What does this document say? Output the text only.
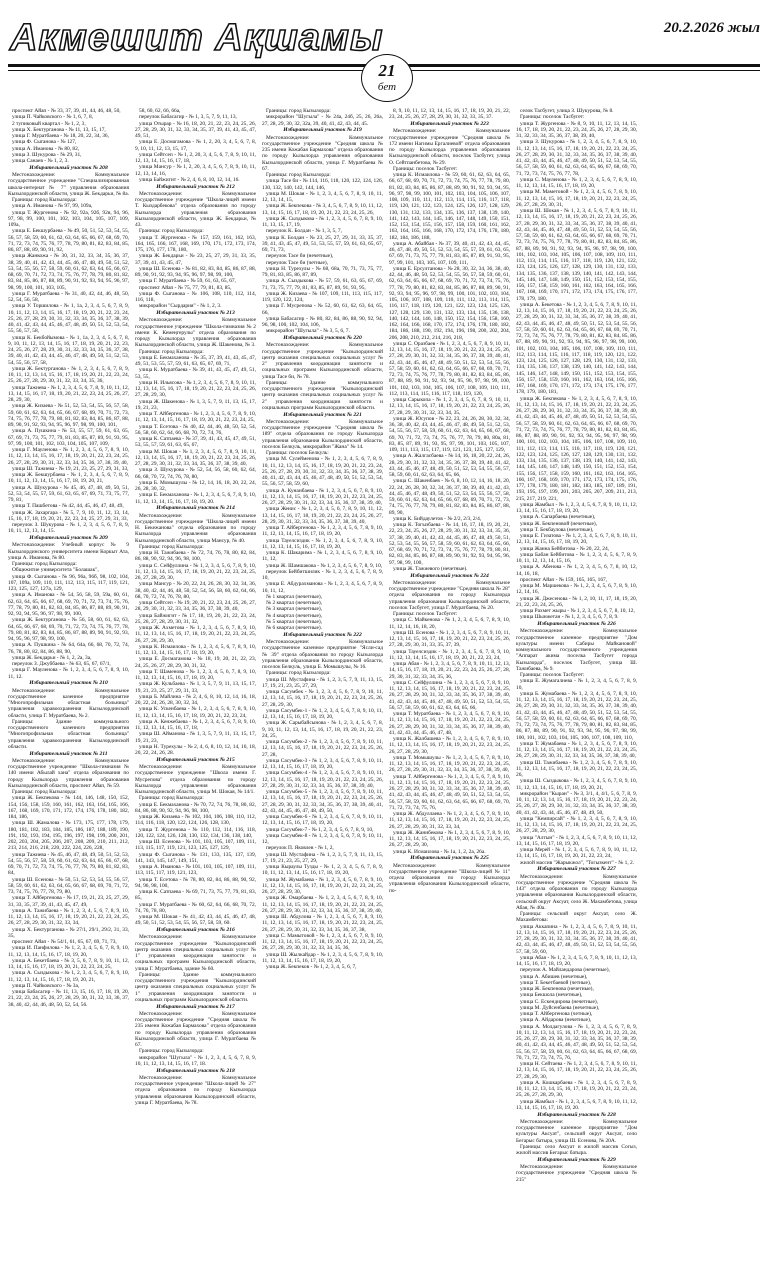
Акмешит Ақшамы	20.2.2026 жыл
21
бет

проспект Айап - № 33, 37, 39, 41, 44, 46, 48, 50,

улица П. Чайковского - № 1, 6, 7, 8,

2 тупиковый квартал - № 1, 2, 3,

улица Х. Бектурганова - № 11, 13, 15, 17,

улица Г. Муратбаева - № 18, 20, 22, 34, 36,

улица Ф. Сыганова - № 127,

улица А. Иманова - № 80, 82,

улица З. Шукурова - № 29, 31,

улица Санаев - № 1, 2, 3.

Избирательный участок № 208

Местонахождение: Коммунальное государственное учреждение "Специализированная школа-интернат № 7" управления образования Кызылординской области, улица Ж. Бекдарьи, № 8а.

Границы: город Кызылорда:

улица А. Иманова - № 97, 99, 109а,

улица Т. Жургенова - № 92, 92а, 92б, 92в, 94, 96, 97, 98, 99, 100, 101, 102, 103, 104, 105, 107, 109, 109а,

улица Е. Бекшурбаева - № 49, 50, 51, 52, 53, 54, 55, 56, 57, 58, 59, 60, 61, 62, 63, 64, 65, 66, 67, 68, 69, 70, 71, 72, 73, 74, 75, 76, 77, 78, 79, 80, 81, 82, 83, 84, 85, 86, 87, 88, 89, 90, 91, 92,

улица Жанкожа - № 30, 31, 32, 33, 34, 35, 36, 37, 38, 39, 40, 41, 42, 43, 44, 45, 46, 47, 48, 49, 50, 51, 52, 53, 54, 55, 56, 57, 58, 59, 60, 61, 62, 63, 64, 65, 66, 67, 68, 69, 70, 71, 72, 73, 74, 75, 76, 77, 78, 79, 80, 81, 82, 83, 84, 85, 86, 87, 88, 89, 90, 91, 92, 93, 94, 95, 96, 97, 98, 99, 100, 101, 103, 105,

улица Г. Муратбаева - № 31, 40, 42, 44, 46, 48, 50, 52, 54, 56, 58,

улица У. Торшилова - № 1, 1а, 2, 3, 4, 5, 6, 7, 8, 9, 10, 11, 12, 13, 14, 15, 16, 17, 18, 19, 20, 21, 22, 23, 24, 25, 26, 27, 28, 29, 30, 31, 32, 33, 34, 35, 36, 37, 38, 39, 40, 41, 42, 43, 44, 45, 46, 47, 48, 49, 50, 51, 52, 53, 54, 55, 56, 57, 58,

улица К. Бекбойымова - № 1, 1а, 2, 3, 4, 5, 6, 7, 8, 9, 10, 11, 12, 13, 14, 15, 16, 17, 18, 19, 20, 21, 22, 23, 24, 25, 26, 27, 28, 29, 30, 31, 32, 33, 34, 35, 36, 37, 38, 39, 40, 41, 42, 43, 44, 45, 46, 47, 48, 49, 50, 51, 52, 53, 54, 55, 56, 57, 58,

улица Ж. Бектурганова - № 1, 2, 3, 4, 5, 6, 7, 8, 9, 10, 11, 12, 13, 14, 15, 16, 17, 18, 19, 20, 21, 22, 23, 24, 25, 26, 27, 28, 29, 30, 31, 32, 33, 34, 35, 36,

улица Тажиева - № 1, 2, 3, 4, 5, 6, 7, 8, 9, 10, 11, 12, 13, 14, 15, 16, 17, 18, 19, 20, 21, 22, 23, 24, 25, 26, 27, 28, 29, 30,

улица Ж. Кизаева - № 51, 52, 53, 54, 55, 56, 57, 58, 59, 60, 61, 62, 63, 64, 65, 66, 67, 68, 69, 70, 71, 72, 73, 74, 75, 76, 77, 78, 79, 80, 81, 82, 83, 84, 85, 86, 87, 88, 89, 90, 91, 92, 93, 94, 95, 96, 97, 98, 99, 100, 101,

улица А. Пушкина - № 53, 55, 57, 59, 61, 63, 65, 67, 69, 71, 73, 75, 77, 79, 81, 83, 85, 87, 89, 91, 93, 95, 97, 99, 100, 101, 102, 103, 104, 105, 107, 109,

улица Г. Мауленова - № 1, 2, 3, 4, 5, 6, 7, 8, 9, 10, 11, 12, 13, 14, 15, 16, 17, 18, 19, 20, 21, 22, 23, 24, 25, 26, 27, 28, 29, 30, 31, 32, 33, 34, 35, 36, 37, 38, 39, 40,

улица Ш. Тажиева - № 19, 21, 23, 25, 27, 29, 31, 33,

улица Ж. Бекшурбаева - № 1, 2, 3, 4, 5, 6, 7, 8, 9, 10, 11, 12, 13, 14, 15, 16, 17, 18, 19, 20, 21,

улица А. Шукурова - № 45, 46, 47, 48, 49, 50, 51, 52, 53, 54, 55, 57, 59, 61, 63, 65, 67, 69, 71, 73, 75, 77, 79, 81,

улица Т. Пашбетова - № 42, 44, 45, 46, 47, 48, 49,

улица Ж. Захаргара - № 5, 7, 9, 10, 11, 12, 13, 14, 15, 16, 17, 18, 19, 20, 21, 22, 23, 24, 25, 27, 29, 31, 33,

переулок З. Шукурова - № 1, 2, 3, 4, 5, 6, 7, 8, 9, 10, 11, 12, 13, 14, 15.

Избирательный участок № 209

Местонахождение: Учебный корпус № 9 Кызылординского университета имени Коркыт Ата, улица А. Иманова, № 80.

Границы: город Кызылорда:

Общежитие университета "Болашак",

улица Ф. Сыганова - № 96, 96а, 96б, 98, 102, 104, 107, 109а, 109, 110, 111, 112, 113, 115, 117, 119, 121, 123, 125, 127, 127а, 129,

улица А. Иманова - № 54, 56, 58, 59, 59а, 60, 61, 62, 63, 64, 65, 66, 67, 68, 69, 70, 71, 72, 73, 74, 75, 76, 77, 78, 79, 80, 81, 82, 83, 84, 85, 86, 87, 88, 89, 90, 91, 92, 93, 94, 95, 96, 97, 98, 99, 100,

улица Ж. Бектурганова - № 56, 58, 60, 61, 62, 63, 64, 65, 66, 67, 68, 69, 70, 71, 72, 73, 74, 75, 76, 77, 78, 79, 80, 81, 82, 83, 84, 85, 86, 87, 88, 89, 90, 91, 92, 93, 94, 95, 96, 97, 98, 99, 100,

улица А. Пушкина - № 64, 64а, 66, 68, 70, 72, 74, 76, 78, 80, 82, 84, 86, 88, 90,

улица Ж. Бекдарьи - № 1, 2, 2а, 3а,

переулок З. Джуббаева - № 63, 65, 67, 67/1,

улица Г. Мауленова - № 1, 2, 3, 4, 5, 6, 7, 8, 9, 10, 11, 12.

Избирательный участок № 210

Местонахождение: Коммунальное государственное казенное предприятие "Многопрофильная областная больница" управления здравоохранения Кызылординской области, улица Г. Муратбаева, № 2.

Границы: Здание коммунального государственного казенного предприятия "Многопрофильная областная больница" управления здравоохранения Кызылординской области.

Избирательный участок № 211

Местонахождение: Коммунальное государственное учреждение "Школа-гимназия № 140 имени Абылай хана" отдела образования по городу Кызылорда управления образования Кызылординской области, проспект Айап, № 59.

Границы: город Кызылорда:

улица Ж. Бекпекова - № 144, 146, 148, 150, 152, 154, 156, 158, 159, 160, 161, 162, 163, 164, 165, 166, 167, 168, 169, 170, 171, 172, 174, 176, 178, 180, 182, 184, 186,

улица Ш. Жамалова - № 173, 175, 177, 178, 179, 180, 181, 182, 183, 184, 185, 186, 187, 188, 189, 190, 191, 192, 193, 194, 195, 196, 197, 198, 199, 200, 201, 202, 203, 204, 205, 206, 207, 208, 209, 210, 211, 212, 213, 214, 216, 218, 220, 222, 224, 226, 228,

улица Тажиева - № 45, 46, 47, 48, 49, 50, 51, 52, 53, 54, 55, 56, 57, 58, 59, 60, 61, 62, 63, 64, 65, 66, 67, 68, 69, 70, 71, 72, 73, 74, 75, 76, 77, 78, 79, 80, 81, 82, 83, 84,

улица Ш. Есенова - № 50, 51, 52, 53, 54, 55, 56, 57, 58, 59, 60, 61, 62, 63, 64, 65, 66, 67, 68, 69, 70, 71, 72, 73, 74, 75, 76, 77, 78, 79, 80,

улица Т. Айбергенова - № 17, 19, 21, 23, 25, 27, 29, 31, 33, 35, 37, 39, 41, 43, 45, 47, 49,

улица А. Тажибаева - № 1, 2, 3, 4, 5, 6, 7, 8, 9, 10, 11, 12, 13, 14, 15, 16, 17, 18, 19, 20, 21, 22, 23, 24, 25, 26, 27, 28, 29, 30, 31, 32, 33, 34,

улица Х. Бектурганова - № 27/1, 29/1, 29/2, 31, 33, 35,

проспект Айап - № 54/1, 61, 65, 67, 69, 71, 73,

улица И. Панфилова - № 1, 2, 3, 4, 5, 6, 7, 8, 9, 10, 11, 12, 13, 14, 15, 16, 17, 18, 19, 20,

улица А. Бекетбаева - № 3, 5, 6, 7, 8, 9, 10, 11, 12, 13, 14, 15, 16, 17, 18, 19, 20, 21, 22, 23, 24, 25,

улица А. Сыздыкова - № 1, 2, 3, 4, 5, 6, 7, 8, 9, 10, 11, 12, 13, 14, 15, 16, 17, 18, 19, 20, 21,

улица П. Чайковского - № 3а,

улица Бабасагир - № 11, 13, 15, 16, 17, 18, 19, 20, 21, 22, 23, 24, 25, 26, 27, 28, 29, 30, 31, 32, 33, 36, 37, 38, 40, 42, 44, 46, 48, 50, 52, 54, 56.

58, 60, 62, 66, 66а,

переулок Бабасагир - № 1, 3, 5, 7, 9, 11, 13,

улица Отырар - № 16, 18, 20, 21, 22, 23, 24, 25, 26, 27, 28, 29, 30, 31, 32, 33, 34, 35, 37, 39, 41, 43, 45, 47, 49, 51,

улица Е. Досмагамова - № 1, 2, 20, 3, 4, 5, 6, 7, 8, 9, 10, 11, 12, 13, 15, 17,

улица Сейтсеп - № 1, 2, 20, 3, 4, 5, 6, 7, 8, 9, 10, 11, 12, 13, 14, 15, 16, 17, 18,

улица Мансур - № 1, 2, 20, 3, 4, 5, 6, 7, 8, 9, 10, 11, 12, 13, 14, 16,

улица Байжигит - № 2, 4, 6, 8, 10, 12, 14, 16.

Избирательный участок № 212

Местонахождение: Коммунальное государственное учреждение "Школа-лицей имени Т. Кыздарбекова" отдела образования по городу Кызылорда управления образования Кызылординской области, улица Ж. Бекдарьи, № 43.

Границы: город Кызылорда:

улица Т. Жургенова - № 157, 159, 161, 162, 163, 164, 165, 166, 167, 168, 169, 170, 171, 172, 173, 174, 175, 176, 177, 178, 180,

улица Ж. Бекдарьи - № 23, 25, 27, 29, 31, 33, 35, 37, 39, 41, 43, 45, 47,

улица Ш. Есенова - № 81, 82, 83, 84, 85, 86, 87, 88, 89, 90, 91, 92, 93, 94, 95, 96, 97, 98, 99, 100,

улица Г. Муратбаева - № 59, 61, 63, 65, 67,

проспект Айап - № 75, 77, 79, 81, 83, 85,

улица Ф. Сыганова - № 106, 108, 110, 112, 114, 116, 118,

микрорайон "Сырдария" - № 1, 2, 3.

Избирательный участок № 213

Местонахождение: Коммунальное государственное учреждение "Школа-гимназия № 2 имени К. Кемеңгерулы" отдела образования по городу Кызылорда управления образования Кызылординской области, улица Ж. Шакенова, № 3.

Границы: город Кызылорда:

улица Е. Бекмаханова - № 35, 37, 39, 41, 43, 45, 47, 49, 51, 53, 55, 57, 59, 61, 63, 65, 67, 69, 71,

улица К. Муратбаева - № 39, 41, 43, 45, 47, 49, 51, 53, 55,

улица Н. Ильясова - № 1, 2, 3, 4, 5, 6, 7, 8, 9, 10, 11, 12, 13, 14, 15, 16, 17, 18, 19, 20, 21, 22, 23, 24, 25, 26, 27, 28, 29, 30,

улица Ж. Шакенова - № 1, 3, 5, 7, 9, 11, 13, 15, 17, 19, 21, 23,

улица Т. Айбергенова - № 1, 2, 3, 4, 5, 6, 7, 8, 9, 10, 11, 12, 13, 14, 15, 16, 17, 18, 19, 20, 21, 22, 23, 24, 25,

улица Т. Есетова - № 40, 42, 44, 46, 48, 50, 52, 54, 56, 58, 60, 62, 64, 66, 68, 70, 72, 74, 76,

улица К. Сатпаева - № 37, 39, 41, 43, 45, 47, 49, 51, 53, 55, 57, 59, 61, 63, 65, 67,

улица М. Шокая - № 1, 2, 3, 4, 5, 6, 7, 8, 9, 10, 11, 12, 13, 14, 15, 16, 17, 18, 19, 20, 21, 22, 23, 24, 25, 26, 27, 28, 29, 30, 31, 32, 33, 34, 35, 36, 37, 38, 39, 40,

улица З. Шукурова - № 52, 54, 56, 58, 60, 62, 64, 66, 68, 70, 72, 74, 76, 78, 80,

улица Б. Момышулы - № 12, 14, 16, 18, 20, 22, 24, 26, 28, 30, 32,

улица Е. Бекмаханова - № 1, 2, 3, 4, 5, 6, 7, 8, 9, 10, 11, 12, 13, 14, 15, 16, 17, 18, 19, 20.

Избирательный участок № 214

Местонахождение: Коммунальное государственное учреждение "Школа-лицей имени Н. Бекежанова" отдела образования по городу Кызылорда управления образования Кызылординской области, улица Мансур, № 40.

Границы: город Кызылорда:

улица Н. Тажибаева - № 72, 74, 76, 78, 80, 82, 84, 86, 88, 90, 92, 94, 96, 98, 100,

улица С. Сейфуллина - № 1, 2, 3, 4, 5, 6, 7, 8, 9, 10, 11, 12, 13, 14, 15, 16, 17, 18, 19, 20, 21, 22, 23, 24, 25, 26, 27, 28, 29, 30,

улица Мансур - № 20, 22, 24, 26, 28, 30, 32, 34, 36, 38, 40, 42, 44, 46, 48, 50, 52, 54, 56, 58, 60, 62, 64, 66, 68, 70, 72, 74, 76, 78, 80,

улица Сейтсеп - № 19, 20, 21, 22, 23, 24, 25, 26, 27, 28, 29, 30, 31, 32, 33, 34, 35, 36, 37, 38, 39, 40,

улица Байжигит - № 17, 18, 19, 20, 21, 22, 23, 24, 25, 26, 27, 28, 29, 30, 31, 32,

улица Ж. Ахметова - № 1, 2, 3, 4, 5, 6, 7, 8, 9, 10, 11, 12, 13, 14, 15, 16, 17, 18, 19, 20, 21, 22, 23, 24, 25, 26, 27, 28, 29, 30,

улица К. Исмаилова - № 1, 2, 3, 4, 5, 6, 7, 8, 9, 10, 11, 12, 13, 14, 15, 16, 17, 18, 19, 20,

улица Е. Досмагамова - № 18, 19, 20, 21, 22, 23, 24, 25, 26, 27, 28, 29, 30, 31, 32,

улица Т. Шаменова - № 1, 2, 3, 4, 5, 6, 7, 8, 9, 10, 11, 12, 13, 14, 15, 16, 17, 18, 19, 20,

улица Ж. Кульбаева - № 1, 3, 5, 7, 9, 11, 13, 15, 17, 19, 21, 23, 25, 27, 29, 31, 33,

улица Б. Майлина - № 2, 4, 6, 8, 10, 12, 14, 16, 18, 20, 22, 24, 26, 28, 30, 32, 34,

улица К. Ускенбаева - № 1, 2, 3, 4, 5, 6, 7, 8, 9, 10, 11, 12, 13, 14, 15, 16, 17, 18, 19, 20, 21, 22, 23, 24,

улица А. Кенжебаева - № 1, 2, 3, 4, 5, 6, 7, 8, 9, 10, 11, 12, 13, 14, 15, 16, 17, 18,

улица Ш. Айманова - № 1, 3, 5, 7, 9, 11, 13, 15, 17, 19, 21, 23,

улица Н. Турехулы - № 2, 4, 6, 8, 10, 12, 14, 16, 18, 20, 22, 24, 26, 28.

Избирательный участок № 215

Местонахождение: Коммунальное государственное учреждение "Школа имени Г. Мусрепова" отдела образования по городу Кызылорда управления образования Кызылординской области, улица М. Шокая, № 14/1.

Границы: город Кызылорда:

улица Е. Бекмаханова - № 70, 72, 74, 76, 78, 80, 82, 84, 86, 88, 90, 92, 94, 96, 98, 100,

улица Ж. Кизаева - № 102, 104, 106, 108, 110, 112, 114, 116, 118, 120, 122, 124, 126, 128, 130,

улица Т. Жургенова - № 110, 112, 114, 116, 118, 120, 122, 124, 126, 128, 130, 132, 134, 136, 138, 140,

улица Ш. Есенова - № 101, 103, 105, 107, 109, 111, 113, 115, 117, 119, 121, 123, 125, 127, 129,

улица Ф. Сыганова - № 131, 133, 135, 137, 139, 141, 143, 145, 147, 149, 151,

улица А. Иманова - № 101, 103, 105, 107, 109, 111, 113, 115, 117, 119, 121, 123,

улица Т. Есетова - № 78, 80, 82, 84, 86, 88, 90, 92, 94, 96, 98, 100,

улица К. Сатпаева - № 69, 71, 73, 75, 77, 79, 81, 83, 85,

улица Г. Муратбаева - № 60, 62, 64, 66, 68, 70, 72, 74, 76, 78, 80,

улица М. Шокая - № 41, 42, 43, 44, 45, 46, 47, 48, 49, 50, 51, 52, 53, 54, 55, 56, 57, 58, 59, 60.

Избирательный участок № 216

Местонахождение: Коммунальное государственное учреждение "Кызылординский центр оказания специальных социальных услуг № 1" управления координации занятости и социальных программ Кызылординской области, улица Г. Муратбаева, здание № 60.

Границы: Здание коммунального государственного учреждения "Кызылординский центр оказания специальных социальных услуг № 1" управления координации занятости и социальных программ Кызылординской области.

Избирательный участок № 217

Местонахождение: Коммунальное государственное учреждение "Средняя школа № 235 имени Кожабая Бармахова" отдела образования по городу Кызылорда управления образования Кызылординской области, улица Г. Муратбаева № 67.

Границы: город Кызылорда:

микрорайон "Шугыла" - № 1, 2, 3, 4, 5, 6, 7, 8, 9, 10, 11, 12, 13, 14, 15, 16, 17, 18.

Избирательный участок № 218

Местонахождение: Коммунальное государственное учреждение "Школа-лицей № 27" отдела образования по городу Кызылорда управления образования Кызылординской области, улица Г. Муратбаева, № 78.

Границы: город Кызылорда:

микрорайон "Шугыла" - № 24а, 24б, 25, 26, 26а, 27, 28, 29, 30, 32, 32а, 39, 40, 41, 42, 43, 44, 45.

Избирательный участок № 219

Местонахождение: Коммунальное государственное учреждение "Средняя школа № 235 имени Кожабая Бармахова" отдела образования по городу Кызылорда управления образования Кызылординской области, улица Г. Муратбаева № 67.

Границы: город Кызылорда:

улица Тасе би - № 114, 116, 118, 120, 122, 124, 126, 130, 132, 140, 142, 144, 146,

улица М. Шокая - № 1, 2, 3, 4, 5, 6, 7, 8, 9, 10, 11, 12, 13, 14, 15,

улица Ж. Бекпекова - № 3, 4, 5, 6, 7, 8, 9, 10, 11, 12, 13, 14, 15, 16, 17, 18, 19, 20, 21, 22, 23, 24, 25, 26,

улица Ж. Сыздыкова - № 1, 2, 3, 4, 5, 6, 7, 8, 9, 10, 11, 13, 15, 17, 19,

переулок К. Болдан - № 1, 3, 5, 7,

улица К. Болдан - № 23, 25, 27, 29, 31, 33, 35, 37, 39, 41, 43, 45, 47, 49, 51, 53, 55, 57, 59, 61, 63, 65, 67, 69, 71, 73,

переулок Тасе би (нечетные),

переулок Тасе би (четные),

улица Н. Турехулы - № 68, 68а, 70, 71, 73, 75, 77, 79, 81, 83, 85, 86, 87, 89,

улица А. Сыздыкова - № 57, 59, 61, 63, 65, 67, 69, 71, 73, 75, 77, 79, 81, 83, 85, 87, 89, 91, 93, 95,

улица Ж. Кизаева - № 107, 109, 111, 113, 115, 117, 119, 120, 122, 124,

улица Г. Мусрепова - № 52, 60, 61, 62, 63, 64, 65, 66,

улица Бабасагир - № 80, 82, 84, 86, 88, 90, 92, 94, 96, 98, 100, 102, 104, 106,

микрорайон "Шугыла" - № 3, 5, 6, 7.

Избирательный участок № 220

Местонахождение: Коммунальное государственное учреждение "Кызылординский центр оказания специальных социальных услуг № 2" управления координации занятости и социальных программ Кызылординской области, улица Тасе би, № 78.

Границы: Здание коммунального государственного учреждения "Кызылординский центр оказания специальных социальных услуг № 2" управления координации занятости и социальных программ Кызылординской области.

Избирательный участок № 221

Местонахождение: Коммунальное государственное учреждение "Средняя школа № 189" отдела образования по городу Кызылорда управления образования Кызылординской области, поселок Белкуль, микрорайон "Жана" № 14.

Границы: поселок Белкуль:

улица М. Сулейменова - № 1, 2, 3, 4, 5, 6, 7, 8, 9, 10, 11, 12, 13, 14, 15, 16, 17, 18, 19, 20, 21, 22, 23, 24, 25, 26, 27, 28, 29, 30, 31, 32, 33, 34, 35, 36, 37, 38, 39, 40, 41, 42, 43, 44, 45, 46, 47, 48, 49, 50, 51, 52, 53, 54, 55, 56, 57, 58, 59, 60,

улица А. Кунанбаева - № 1, 2, 3, 4, 5, 6, 7, 8, 9, 10, 11, 12, 13, 14, 15, 16, 17, 18, 19, 20, 21, 22, 23, 24, 25, 26, 27, 28, 29, 30, 31, 32, 33, 34, 35, 36, 37, 38, 39, 40,

улица Женис - № 1, 2, 3, 4, 5, 6, 7, 8, 9, 10, 11, 12, 13, 14, 15, 16, 17, 18, 19, 20, 21, 22, 23, 24, 25, 26, 27, 28, 29, 30, 31, 32, 33, 34, 35, 36, 37, 38, 39, 40,

улица Т. Айбергенова - № 1, 2, 3, 4, 5, 6, 7, 8, 9, 10, 11, 12, 13, 14, 15, 16, 17, 18, 19, 20,

улица Тауелсиздик - № 1, 2, 3, 4, 5, 6, 7, 8, 9, 10, 11, 12, 13, 14, 15, 16, 17, 18, 19, 20,

улица К. Шакарима - № 1, 2, 3, 4, 5, 6, 7, 8, 9, 10, 11, 12,

улица Ж. Шамшакова - № 1, 2, 3, 4, 5, 6, 7, 8, 9, 10,

переулок Бейбитшилик - № 1, 2, 3, 4, 5, 6, 7, 8, 9, 10,

улица Е. Абдурахманова - № 1, 2, 3, 4, 5, 6, 7, 8, 9, 10, 11, 12,

№ 1 квартал (нечетные),

№ 2 квартал (нечетные),

№ 3 квартал (нечетные),

№ 4 квартал (нечетные),

№ 5 квартал (нечетные),

№ 6 квартал (нечетные).

Избирательный участок № 222

Местонахождение: Коммунальное государственное казенное предприятие "Ясли-сад № 39" отдела образования по городу Кызылорда управления образования Кызылординской области, поселок Белкуль, улица Б. Момышулы, № 16.

Границы: город Кызылорда:

улица Ш. Мустафина - № 1, 2, 3, 5, 7, 9, 11, 13, 15, 17, 19, 21, 23, 25, 27, 29,

улица Сасумбек - № 1, 2, 3, 4, 5, 6, 7, 8, 9, 10, 11, 12, 13, 14, 15, 16, 17, 18, 19, 20, 21, 22, 23, 24, 25, 26, 27, 28, 29, 30,

улица Сасумбек-1 - № 1, 2, 3, 4, 5, 6, 7, 8, 9, 10, 11, 12, 13, 14, 15, 16, 17, 18, 19, 20,

улица Ж. Сарыбайсынова - № 1, 2, 3, 4, 5, 6, 7, 8, 9, 10, 11, 12, 13, 14, 15, 16, 17, 18, 19, 20, 21, 22, 23, 24, 25,

улица Сасумбек-2 - № 1, 2, 3, 4, 5, 6, 7, 8, 9, 10, 11, 12, 13, 14, 15, 16, 17, 18, 19, 20, 21, 22, 23, 24, 25, 26, 27, 28,

улица Сасумбек-3 - № 1, 2, 3, 4, 5, 6, 7, 8, 9, 10, 11, 12, 13, 14, 15, 16, 17, 18, 19, 20,

улица Сасумбек-4 - № 1, 2, 3, 4, 5, 6, 7, 8, 9, 10, 11, 12, 13, 14, 15, 16, 17, 18, 19, 20, 21, 22, 23, 24, 25, 26, 27, 28, 29, 30, 31, 32, 33, 34, 35, 36, 37, 38, 39, 40,

улица Сасумбек-5 - № 1, 2, 3, 4, 5, 6, 7, 8, 9, 10, 11, 12, 13, 14, 15, 16, 17, 18, 19, 20, 21, 22, 23, 24, 25, 26, 27, 28, 29, 30, 31, 32, 33, 34, 35, 36, 37, 38, 39, 40, 41, 42, 43, 44, 45, 46, 47, 48, 49, 50,

улица Сасумбек-6 - № 1, 2, 3, 4, 5, 6, 7, 8, 9, 10, 11, 12, 13, 14, 15, 16, 17, 18, 19, 20,

улица Сасумбек-7 - № 1, 2, 3, 4, 5, 6, 7, 8, 9, 10,

улица Сасумбек-8 - № 1, 2, 3, 4, 5, 6, 7, 8, 9, 10, 11, 12,

переулок П. Яковлев - № 1, 2,

улица Ш. Мустафина - № 1, 2, 3, 5, 7, 9, 11, 13, 15, 17, 19, 21, 23, 25, 27, 29,

улица Кыраулы Тузды - № 1, 2, 3, 4, 5, 6, 7, 8, 9, 10, 11, 12, 13, 14, 15, 16, 17, 18, 19, 20,

улица М. Жумабаева - № 1, 2, 3, 4, 5, 6, 7, 8, 9, 10, 11, 12, 13, 14, 15, 16, 17, 18, 19, 20, 21, 22, 23, 24, 25, 26, 27, 28, 29, 30,

улица Ж. Омарбаева - № 1, 2, 3, 4, 5, 6, 7, 8, 9, 10, 11, 12, 13, 14, 15, 16, 17, 18, 19, 20, 21, 22, 23, 24, 25, 26, 27, 28, 29, 30, 31, 32, 33, 34, 35, 36, 37, 38, 39, 40,

улица Ш. Абдулова - № 1, 2, 3, 4, 5, 6, 7, 8, 9, 10, 11, 12, 13, 14, 15, 16, 17, 18, 19, 20, 21, 22, 23, 24, 25, 26, 27, 28, 29, 30, 31, 32, 33, 34, 35, 36, 37, 38,

улица С. Мамытовой - № 1, 2, 3, 4, 5, 6, 7, 8, 9, 10, 11, 12, 13, 14, 15, 16, 17, 18, 19, 20, 21, 22, 23, 24, 25, 26, 27, 28, 29, 30, 31, 32, 33, 34, 35, 36,

улица Ш. Жылкайдар - № 1, 2, 3, 4, 5, 6, 7, 8, 9, 10, 11, 12, 13, 14, 15, 16, 17, 18, 19, 20,

улица Ж. Бекпеков - № 1, 2, 3, 4, 5, 6, 7,

8, 9, 10, 11, 12, 13, 14, 15, 16, 17, 18, 19, 20, 21, 22, 23, 24, 25, 26, 27, 28, 29, 30, 31, 32, 33, 35, 37.

Избирательный участок № 223

Местонахождение: Коммунальное государственное учреждение "Средняя школа № 172 имени Нагимы Ергалиевой" отдела образования по городу Кызылорда управления образования Кызылординской области, поселок Тасбугет, улица О. Сейтпанбетова, № 29.

Границы: поселок Тасбугет:

улица К. Исмаилова - № 59, 60, 61, 62, 63, 64, 65, 66, 67, 68, 69, 70, 71, 72, 73, 74, 75, 76, 77, 78, 79, 80, 81, 82, 83, 84, 85, 86, 87, 88, 89, 90, 91, 92, 93, 94, 95, 96, 97, 98, 99, 100, 101, 102, 103, 104, 105, 106, 107, 108, 109, 110, 111, 112, 113, 114, 115, 116, 117, 118, 119, 120, 121, 122, 123, 124, 125, 126, 127, 128, 129, 130, 131, 132, 133, 134, 135, 136, 137, 138, 139, 140, 141, 142, 143, 144, 145, 146, 147, 148, 149, 150, 151, 152, 153, 154, 155, 156, 157, 158, 159, 160, 161, 162, 163, 164, 165, 166, 168, 170, 172, 174, 176, 178, 180, 182, 184, 186, 188,

улица А. Абайбая - № 37, 39, 40, 41, 42, 43, 44, 45, 46, 47, 48, 49, 50, 51, 52, 53, 54, 55, 57, 59, 61, 63, 65, 67, 69, 71, 73, 75, 77, 79, 81, 83, 85, 87, 89, 91, 93, 95, 97, 99, 101, 103, 105, 107, 109, 111,

улица Е. Ерсултанова - № 28, 30, 32, 34, 36, 38, 40, 42, 44, 46, 48, 50, 52, 53, 54, 55, 56, 57, 58, 59, 60, 61, 62, 63, 64, 65, 66, 67, 68, 69, 70, 71, 72, 73, 74, 75, 76, 77, 78, 79, 80, 81, 82, 83, 84, 85, 86, 87, 88, 89, 90, 91, 92, 93, 94, 95, 96, 97, 98, 99, 100, 101, 102, 103, 104, 105, 106, 107, 108, 109, 110, 111, 112, 113, 114, 115, 116, 117, 118, 119, 120, 121, 122, 123, 124, 125, 126, 127, 128, 129, 130, 131, 132, 133, 134, 135, 136, 138, 140, 142, 144, 146, 148, 150, 152, 154, 156, 158, 160, 162, 164, 166, 168, 170, 172, 174, 176, 178, 180, 182, 184, 186, 188, 190, 192, 194, 196, 198, 200, 202, 204, 206, 208, 210, 212, 214, 216, 218,

улица С. Оразбаев - № 1, 2, 3, 4, 5, 6, 7, 8, 9, 10, 11, 12, 13, 14, 15, 16, 17, 18, 19, 20, 21, 22, 23, 24, 25, 26, 27, 28, 29, 30, 31, 32, 33, 34, 35, 36, 37, 38, 39, 40, 41, 42, 43, 44, 45, 46, 47, 48, 49, 50, 51, 52, 53, 54, 55, 56, 57, 58, 59, 60, 61, 62, 63, 64, 65, 66, 67, 68, 69, 70, 71, 72, 73, 74, 75, 76, 77, 78, 79, 80, 81, 82, 83, 84, 85, 86, 87, 88, 89, 90, 91, 92, 93, 94, 95, 96, 97, 98, 99, 100, 101, 102, 103, 104, 105, 106, 107, 108, 109, 110, 111, 112, 113, 114, 115, 116, 117, 118, 119, 120,

улица Сарыкопа - № 1, 2, 3, 4, 5, 6, 7, 8, 9, 10, 11, 12, 13, 14, 15, 16, 17, 18, 19, 20, 21, 22, 23, 24, 25, 26, 27, 28, 29, 30, 31, 32, 33, 34, 35,

улица Ж. Юсупов - № 22, 23, 24, 26, 28, 30, 32, 34, 36, 38, 40, 42, 43, 44, 45, 46, 47, 48, 49, 50, 51, 52, 53, 54, 55, 56, 57, 58, 59, 60, 61, 62, 63, 64, 65, 66, 67, 68, 69, 70, 71, 72, 73, 74, 75, 76, 77, 78, 79, 80, 80а, 81, 83, 85, 87, 89, 91, 93, 95, 97, 99, 101, 103, 105, 107, 109, 111, 113, 115, 117, 119, 121, 123, 125, 127, 129,

улица А. Жалгасбаева - № 14, 16, 18, 20, 22, 24, 26, 28, 29, 30, 31, 32, 33, 34, 35, 36, 37, 38, 39, 40, 41, 42, 43, 44, 45, 46, 47, 48, 49, 50, 51, 52, 53, 54, 55, 56, 57, 58, 59, 60, 61, 62, 63, 64, 65, 66,

улица С. Шакенбаев - № 6, 8, 10, 12, 14, 16, 18, 20, 22, 24, 26, 28, 30, 32, 34, 36, 37, 38, 39, 40, 41, 42, 43, 44, 45, 46, 47, 48, 49, 50, 51, 52, 53, 54, 55, 56, 57, 58, 59, 60, 61, 62, 63, 64, 65, 66, 67, 68, 69, 70, 71, 72, 73, 74, 75, 76, 77, 78, 79, 80, 81, 82, 83, 84, 85, 86, 87, 88, 89, 90,

улица К. Бийдаулетов - № 2/2, 2/3, 2/4,

улица К. Тогызбаева - № 14, 16, 17, 18, 19, 20, 21, 22, 23, 24, 25, 26, 27, 28, 29, 30, 31, 32, 33, 34, 35, 36, 37, 38, 39, 40, 41, 42, 43, 44, 45, 46, 47, 48, 49, 50, 51, 52, 53, 54, 55, 56, 57, 58, 59, 60, 61, 62, 63, 64, 65, 66, 67, 68, 69, 70, 71, 72, 73, 74, 75, 76, 77, 78, 79, 80, 81, 82, 83, 84, 85, 86, 87, 88, 89, 90, 91, 92, 93, 94, 95, 96, 97, 98, 99, 100,

улица Ж. Тажиевого (нечетные).

Избирательный участок № 224

Местонахождение: Коммунальное государственное учреждение "Средняя школа № 28" отдела образования по городу Кызылорда управления образования Кызылординской области, поселок Тасбугет, улица Г. Муратбаева, № 20.

Границы: поселок Тасбугет:

улица С. Майкенова - № 1, 2, 3, 4, 5, 6, 7, 8, 9, 10, 11, 12, 14, 16, 18, 20,

улица Ш. Есенова - № 1, 2, 3, 4, 5, 6, 7, 8, 9, 10, 11, 12, 13, 14, 15, 16, 17, 18, 19, 20, 21, 22, 23, 24, 25, 26, 27, 28, 29, 30, 31, 33, 35, 37, 39,

улица Тауелсиздик - № 1, 2, 3, 4, 5, 6, 7, 8, 9, 10, 11, 12, 13, 14, 15, 16, 17, 18, 19, 20, 21, 22, 23, 24,

улица Абая - № 1, 2, 3, 4, 5, 6, 7, 8, 9, 10, 11, 12, 13, 14, 15, 16, 17, 18, 19, 20, 21, 22, 23, 24, 25, 26, 27, 28, 29, 30, 31, 32, 33, 34, 35, 36,

улица С. Сейфуллина - № 1, 2, 3, 4, 5, 6, 7, 8, 9, 10, 11, 12, 13, 14, 15, 16, 17, 18, 19, 20, 21, 22, 23, 24, 25, 26, 27, 28, 29, 30, 31, 32, 33, 34, 35, 36, 37, 38, 39, 40, 41, 42, 43, 44, 45, 46, 47, 48, 49, 50, 51, 52, 53, 54, 55, 56, 57, 58, 59, 60, 61, 62, 63, 64, 65, 66,

улица Т. Муратбаева - № 1, 2, 3, 4, 5, 6, 7, 8, 9, 10, 11, 12, 13, 14, 15, 16, 17, 18, 19, 20, 21, 22, 23, 24, 25, 26, 27, 28, 29, 30, 31, 32, 33, 34, 35, 36, 37, 38, 39, 40, 41, 42, 43, 44, 45, 46, 47, 48,

улица К. Жалбашева - № 1, 2, 3, 4, 5, 6, 7, 8, 9, 10, 11, 12, 13, 14, 15, 16, 17, 18, 19, 20, 21, 22, 23, 24, 25, 26, 27, 28, 29, 30,

улица Т. Момышулы - № 1, 2, 3, 4, 5, 6, 7, 8, 9, 10, 11, 12, 13, 14, 15, 16, 17, 18, 19, 20, 21, 22, 23, 24, 25, 26, 27, 28, 29, 30, 31, 32, 33, 34, 35, 36, 37, 38, 39, 40,

улица Т. Айбергенова - № 1, 2, 3, 4, 5, 6, 7, 8, 9, 10, 11, 12, 13, 14, 15, 16, 17, 18, 19, 20, 21, 22, 23, 24, 25, 26, 27, 28, 29, 30, 31, 32, 33, 34, 35, 36, 37, 38, 39, 40, 41, 42, 43, 44, 45, 46, 47, 48, 49, 50, 51, 52, 53, 54, 55, 56, 57, 58, 59, 60, 61, 62, 63, 64, 65, 66, 67, 68, 69, 70, 71, 72, 73, 74, 75, 76,

улица Ж. Абдуллаева - № 1, 2, 3, 4, 5, 6, 7, 8, 9, 10, 11, 12, 13, 14, 15, 16, 17, 18, 19, 20, 21, 22, 23, 24, 25, 26, 27, 28, 29, 30, 31, 32, 33, 34,

улица Ж. Жанибекова - № 1, 2, 3, 4, 5, 6, 7, 8, 9, 10, 11, 12, 13, 14, 15, 16, 17, 18, 19, 20, 21, 22, 23, 24, 25, 26, 27, 28, 29, 30,

улица К. Исмаилова - № 1а, 1, 2, 2а, 26а.

Избирательный участок № 225

Местонахождение: Коммунальное государственное учреждение "Школа-лицей № 11" отдела образования по городу Кызылорда управления образования Кызылординской области, по-

селок Тасбугет, улица З. Шукурова, № 8.

Границы: поселок Тасбугет:

улица Т. Жургенова - № 8, 9, 10, 11, 12, 13, 14, 15, 16, 17, 18, 19, 20, 21, 22, 23, 24, 25, 26, 27, 28, 29, 30, 31, 32, 33, 34, 35, 36, 37, 38, 39, 40,

улица З. Шукурова - № 1, 2, 3, 4, 5, 6, 7, 8, 9, 10, 11, 12, 13, 14, 15, 16, 17, 18, 19, 20, 21, 22, 23, 24, 25, 26, 27, 28, 29, 30, 31, 32, 33, 34, 35, 36, 37, 38, 39, 40, 41, 42, 43, 44, 45, 46, 47, 48, 49, 50, 51, 52, 53, 54, 55, 56, 57, 58, 59, 60, 61, 62, 63, 64, 65, 66, 67, 68, 69, 70, 71, 72, 73, 74, 75, 76, 77, 78,

улица С. Мауленова - № 1, 2, 3, 4, 5, 6, 7, 8, 9, 10, 11, 12, 13, 14, 15, 16, 17, 18, 19, 20,

улица М. Маметовой - № 1, 2, 3, 4, 5, 6, 7, 8, 9, 10, 11, 12, 13, 14, 15, 16, 17, 18, 19, 20, 21, 22, 23, 24, 25, 26, 27, 28, 29, 30, 31,

улица Ш. Шокая - № 1, 2, 3, 4, 5, 6, 7, 8, 9, 10, 11, 12, 13, 14, 15, 16, 17, 18, 19, 20, 21, 22, 23, 24, 25, 26, 27, 28, 29, 30, 31, 32, 33, 34, 35, 36, 37, 38, 39, 40, 41, 42, 43, 44, 45, 46, 47, 48, 49, 50, 51, 52, 53, 54, 55, 56, 57, 58, 59, 60, 61, 62, 63, 64, 65, 66, 67, 68, 69, 70, 71, 72, 73, 74, 75, 76, 77, 78, 79, 80, 81, 82, 83, 84, 85, 86, 87, 88, 89, 90, 91, 92, 93, 94, 95, 96, 97, 98, 99, 100, 101, 102, 103, 104, 105, 106, 107, 108, 109, 110, 111, 112, 113, 114, 115, 116, 117, 118, 119, 120, 121, 122, 123, 124, 125, 126, 127, 128, 129, 130, 131, 132, 133, 134, 135, 136, 137, 138, 139, 140, 141, 142, 143, 144, 145, 146, 147, 148, 149, 150, 151, 152, 153, 154, 155, 156, 157, 158, 159, 160, 161, 162, 163, 164, 165, 166, 167, 168, 169, 170, 171, 172, 173, 174, 175, 176, 177, 178, 179, 180,

улица А. Бекетова - № 1, 2, 3, 4, 5, 6, 7, 8, 9, 10, 11, 12, 13, 14, 15, 16, 17, 18, 19, 20, 21, 22, 23, 24, 25, 26, 27, 28, 29, 30, 31, 32, 33, 34, 35, 36, 37, 38, 39, 40, 41, 42, 43, 44, 45, 46, 47, 48, 49, 50, 51, 52, 53, 54, 55, 56, 57, 58, 59, 60, 61, 62, 63, 64, 65, 66, 67, 68, 69, 70, 71, 72, 73, 74, 75, 76, 77, 78, 79, 80, 81, 82, 83, 84, 85, 86, 87, 88, 89, 90, 91, 92, 93, 94, 95, 96, 97, 98, 99, 100, 101, 102, 103, 104, 105, 106, 107, 108, 109, 110, 111, 112, 113, 114, 115, 116, 117, 118, 119, 120, 121, 122, 123, 124, 125, 126, 127, 128, 129, 130, 131, 132, 133, 134, 135, 136, 137, 138, 139, 140, 141, 142, 143, 144, 145, 146, 147, 148, 149, 150, 151, 152, 153, 154, 155, 156, 157, 158, 159, 160, 161, 162, 163, 164, 165, 166, 167, 168, 169, 170, 171, 172, 173, 174, 175, 176, 177, 178, 179, 180, 181,

улица Ж. Бекпекова - № 1, 2, 3, 4, 5, 6, 7, 8, 9, 10, 11, 12, 13, 14, 15, 16, 17, 18, 19, 20, 21, 22, 23, 24, 25, 26, 27, 28, 29, 30, 31, 32, 33, 34, 35, 36, 37, 38, 39, 40, 41, 42, 43, 44, 45, 46, 47, 48, 49, 50, 51, 52, 53, 54, 55, 56, 57, 58, 59, 60, 61, 62, 63, 64, 65, 66, 67, 68, 69, 70, 71, 72, 73, 74, 75, 76, 77, 78, 79, 80, 81, 82, 83, 84, 85, 86, 87, 88, 89, 90, 91, 92, 93, 94, 95, 96, 97, 98, 99, 100, 101, 102, 103, 104, 105, 106, 107, 108, 109, 110, 111, 112, 113, 114, 115, 116, 117, 118, 119, 120, 121, 122, 123, 124, 125, 126, 127, 128, 129, 130, 131, 132, 133, 134, 135, 136, 137, 138, 139, 140, 141, 142, 143, 144, 145, 146, 147, 148, 149, 150, 151, 152, 153, 154, 155, 156, 157, 158, 159, 160, 161, 162, 163, 164, 165, 166, 167, 168, 169, 170, 171, 172, 173, 174, 175, 176, 177, 178, 179, 180, 181, 182, 183, 185, 187, 189, 191, 193, 195, 197, 199, 201, 203, 205, 207, 209, 211, 213, 215, 217, 219, 221,

улица Жамбыл - № 1, 2, 3, 4, 5, 6, 7, 8, 9, 10, 11, 12, 13, 14, 15, 16, 17, 18, 19, 20,

улица А. Сапарбаева (нечетные),

улица Ж. Бекпеновой (нечетные),

улица Т. Бекбаулова (нечетные),

улица Е. Гизатова - № 1, 2, 3, 4, 5, 6, 7, 8, 9, 10, 11, 12, 13, 14, 15, 16, 17, 18, 19, 20,

улица Жанна Бейбитова - № 20, 22, 24,

улица Бабан Бейбитова - № 1, 2, 3, 4, 5, 6, 7, 8, 9, 10, 11, 12, 13, 14, 15, 16,

улица А. Абенова - № 1, 2, 3, 4, 5, 6, 7, 8, 10, 12, 14, 16, 18,

проспект Айап - № 159, 165, 165, 167,

улица М. Маршекова - № 1, 2, 3, 4, 5, 6, 7, 8, 9, 10, 12, 14, 16,

улица Ж. Джесенова - № 1, 2, 10, 11, 17, 18, 19, 20, 21, 22, 23, 24, 25, 26,

улица Рахмет жыры - № 1, 2, 3, 4, 5, 6, 7, 8, 10, 12,

улица Шынжетан - № 1, 2, 3, 4, 5, 6, 7, 8, 9.

Избирательный участок № 226

Местонахождение: Коммунальное государственное казенное предприятие "Дом культуры имени Сабиры Майкановой" коммунального государственного учреждения "Аппарат акима поселка Тасбугет города Кызылорда", поселок Тасбугет, улица Ш. Тажибаева, № 9.

Границы: поселок Тасбугет:

улица Е. Жумагалиева - № 1, 2, 3, 4, 5, 6, 7, 8, 9, 10,

улица Б. Жумабаева - № 1, 2, 3, 4, 5, 6, 7, 8, 9, 10, 11, 12, 13, 14, 15, 16, 17, 18, 19, 20, 21, 22, 23, 24, 25, 26, 27, 28, 29, 30, 31, 32, 33, 34, 35, 36, 37, 38, 39, 40, 41, 42, 43, 44, 45, 46, 47, 48, 49, 50, 51, 52, 53, 54, 55, 56, 57, 58, 59, 60, 61, 62, 63, 64, 65, 66, 67, 68, 69, 70, 71, 72, 73, 74, 75, 76, 77, 78, 79, 80, 81, 82, 83, 84, 85, 86, 87, 88, 89, 90, 91, 92, 93, 94, 95, 96, 97, 98, 99, 100, 101, 102, 103, 104, 105, 106, 107, 108, 109, 110,

улица Т. Жумабаева - № 1, 2, 3, 4, 5, 6, 7, 8, 9, 10, 11, 12, 13, 14, 15, 16, 17, 18, 19, 20, 21, 22, 23, 24, 25, 26, 27, 28, 29, 30, 31, 32, 33, 34, 35, 36, 37, 38, 39, 40,

улица Ш. Тажибаева - № 1, 2, 3, 4, 5, 6, 7, 8, 9, 10, 11, 12, 13, 14, 15, 16, 17, 18, 19, 20, 21, 22, 23, 24, 25, 26,

улица Ш. Сыздыкова - № 1, 2, 3, 4, 5, 6, 7, 8, 9, 10, 11, 12, 13, 14, 15, 16, 17, 18, 19, 20, 21,

микрорайон "Кыран" - № 3, 3/1, 4, 4/1, 5, 6, 7, 8, 9, 10, 11, 12, 13, 14, 15, 16, 17, 18, 19, 20, 21, 22, 23, 24, 25, 26, 27, 28, 29, 30, 31, 32, 33, 34, 35, 36, 37, 38, 39, 40, 41, 42, 43, 44, 45, 46, 47, 48, 49, 50,

улица "Кемпирсай" - № 1, 2, 3, 4, 5, 6, 7, 8, 9, 10, 11, 12, 13, 14, 15, 16, 17, 18, 19, 20, 21, 22, 23, 24, 25, 26, 27, 28, 29, 30,

улица "Алтын" - № 1, 2, 3, 4, 5, 6, 7, 8, 9, 10, 11, 12, 13, 14, 15, 16, 17, 18, 19, 20,

улица Мерей - № 1, 2, 3, 4, 5, 6, 7, 8, 9, 10, 11, 12, 13, 14, 15, 16, 17, 18, 19, 20, 21, 22, 23, 24,

жилой массив "Жарыкжол", "Тогызкент" - № 1, 2.

Избирательный участок № 227

Местонахождение: Коммунальное государственное учреждение "Средняя школа № 143" отдела образования по городу Кызылорда управления образования Кызылординской области, сельский округ Аксуат, село Ж. Махамбетова, улица Абая, № 40а.

Границы: сельский округ Аксуат, село Ж. Махамбетова:

улица Аккапина - № 1, 2, 3, 4, 5, 6, 7, 8, 9, 10, 11, 12, 13, 14, 15, 16, 17, 18, 19, 20, 21, 22, 23, 24, 25, 26, 27, 28, 29, 30, 31, 32, 33, 34, 35, 36, 37, 38, 39, 40, 41, 42, 43, 44, 45, 46, 47, 48, 49, 50, 51, 52, 53, 54, 55, 56, 57, 58, 59, 60,

улица Абая - № 1, 2, 3, 4, 5, 6, 7, 8, 9, 10, 11, 12, 13, 14, 15, 16, 17, 18, 19, 20,

переулок А. Майландарова (нечетные),

улица А. Абишев (нечетные),

улица Т. Бекетбаевой (четные),

улица Ж. Бекпенова (нечетные),

улица Бекшола (нечетные),

улица С. Ескендирова (нечетные),

улица М. Дуйсенбаева (нечетные),

улица Т. Айбергенова (четные),

улица А. Айдарова (нечетные),

улица А. Молдагулова - № 1, 2, 3, 4, 5, 6, 7, 8, 9, 10, 11, 12, 13, 14, 15, 16, 17, 18, 19, 20, 21, 22, 23, 24, 25, 26, 27, 28, 29, 30, 31, 32, 33, 34, 35, 36, 37, 38, 39, 40, 41, 42, 43, 44, 45, 46, 47, 48, 49, 50, 51, 52, 53, 54, 55, 56, 57, 58, 59, 60, 61, 62, 63, 64, 65, 66, 67, 68, 69, 70, 71, 72, 73, 74, 75, 76,

улица Н. Сейтаева - № 1, 2, 3, 4, 5, 6, 7, 8, 9, 10, 11, 12, 13, 14, 15, 16, 17, 18, 19, 20, 21, 22, 23, 24, 25, 26, 27, 28, 29, 30,

улица А. Кошкарбаева - № 1, 2, 3, 4, 5, 6, 7, 8, 9, 10, 11, 12, 13, 14, 15, 16, 17, 18, 19, 20, 21, 22, 23, 24, 25, 26, 27, 28, 29, 30,

улица Жамбыл - № 1, 2, 3, 4, 5, 6, 7, 8, 9, 10, 11, 12, 13, 14, 15, 16, 17, 18, 19, 20.

Избирательный участок № 228

Местонахождение: Коммунальное государственное казенное предприятие "Дом культуры Аксуат", сельский округ Аксуат, село Бегарыс батыра, улица Ш. Есенова, № 20А.

Границы: село Аксуат и жилой массив Согыз, жилой массив Бегарыс батыра.

Избирательный участок № 229

Местонахождение: Коммунальное государственное учреждение "Средняя школа № 215"
